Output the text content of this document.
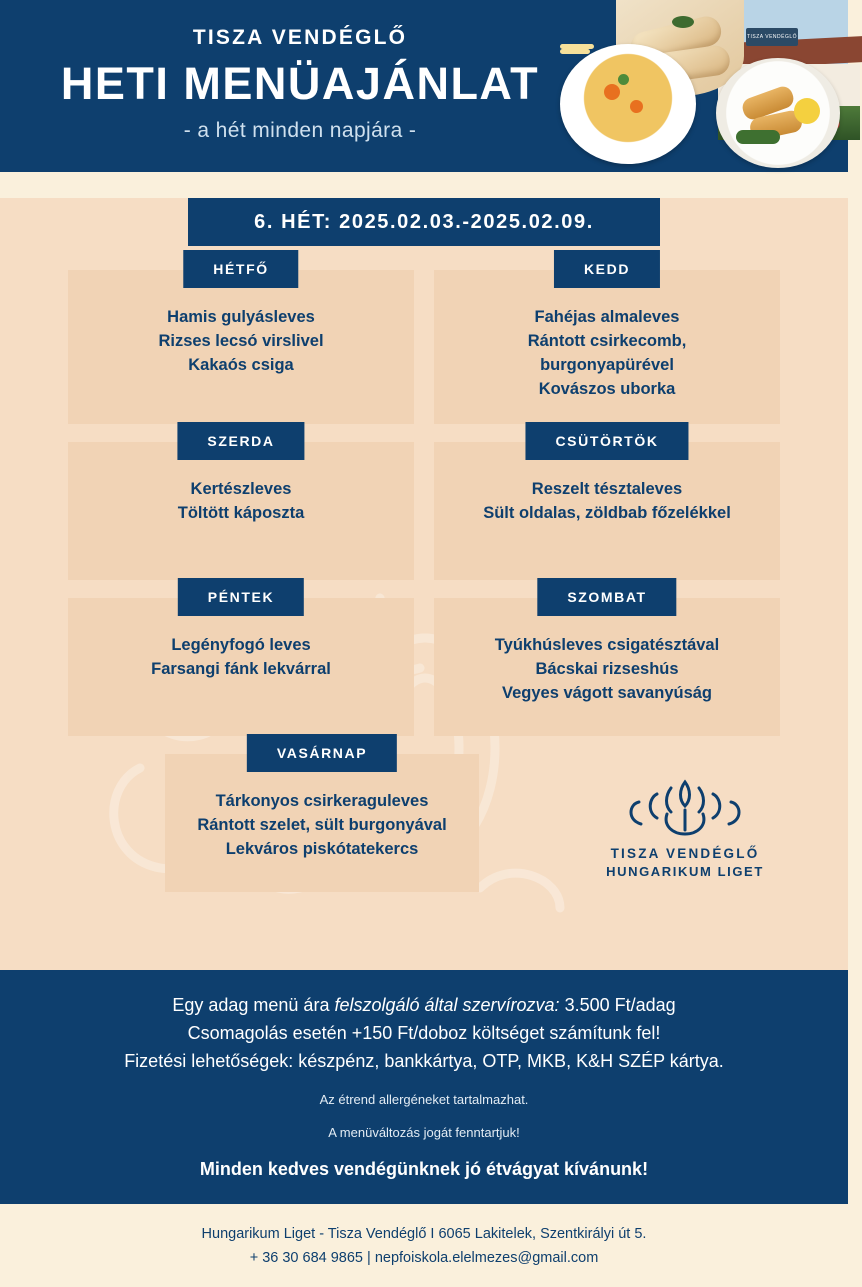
TISZA VENDÉGLŐ
HETI MENÜAJÁNLAT
- a hét minden napjára -
TISZA VENDÉGLŐ
6. HÉT: 2025.02.03.-2025.02.09.
HÉTFŐ
Hamis gulyásleves
Rizses lecsó virslivel
Kakaós csiga
KEDD
Fahéjas almaleves
Rántott csirkecomb,
burgonyapürével
Kovászos uborka
SZERDA
Kertészleves
Töltött káposzta
CSÜTÖRTÖK
Reszelt tésztaleves
Sült oldalas, zöldbab főzelékkel
PÉNTEK
Legényfogó leves
Farsangi fánk lekvárral
SZOMBAT
Tyúkhúsleves csigatésztával
Bácskai rizseshús
Vegyes vágott savanyúság
VASÁRNAP
Tárkonyos csirkeraguleves
Rántott szelet, sült burgonyával
Lekváros piskótatekercs	TISZA VENDÉGLŐ
HUNGARIKUM LIGET
Egy adag menü ára felszolgáló által szervírozva: 3.500 Ft/adag
Csomagolás esetén +150 Ft/doboz költséget számítunk fel!
Fizetési lehetőségek: készpénz, bankkártya, OTP, MKB, K&H SZÉP kártya.
Az étrend allergéneket tartalmazhat.
A menüváltozás jogát fenntartjuk!
Minden kedves vendégünknek jó étvágyat kívánunk!
Hungarikum Liget - Tisza Vendéglő I 6065 Lakitelek, Szentkirályi út 5.
+ 36 30 684 9865 | nepfoiskola.elelmezes@gmail.com
